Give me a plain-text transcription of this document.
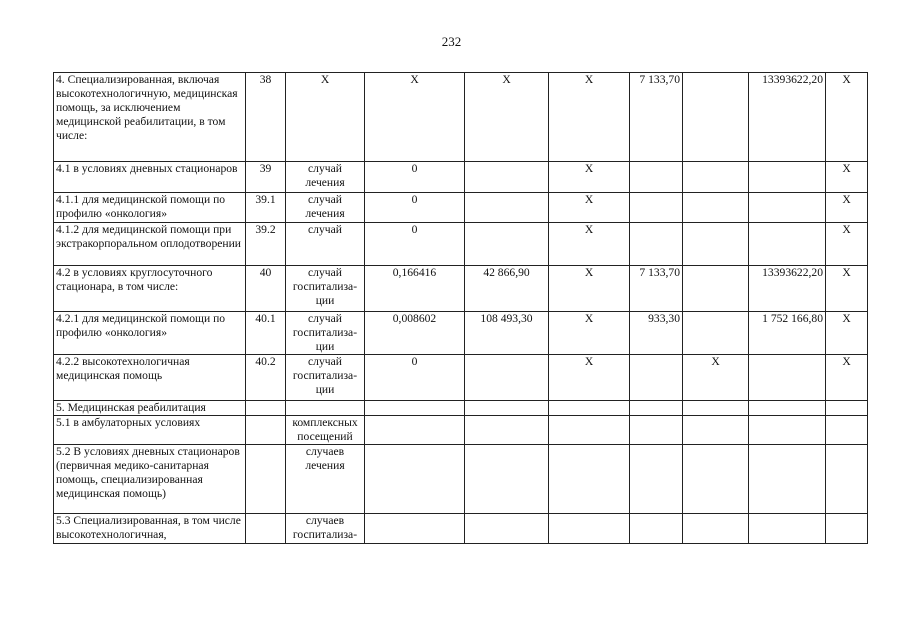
232
4. Специализированная, включая высокотехнологичную, медицинская помощь, за исключением медицинской реабилитации, в том числе:	38	X	X	X	X	7 133,70		13393622,20	X
4.1 в условиях дневных стационаров	39	случай лечения	0		X				X
4.1.1 для медицинской помощи по профилю «онкология»	39.1	случай лечения	0		X				X
4.1.2 для медицинской помощи при экстракорпоральном оплодотворении	39.2	случай	0		X				X
4.2 в условиях круглосуточного стационара, в том числе:	40	случай госпитализа-ции	0,166416	42 866,90	X	7 133,70		13393622,20	X
4.2.1 для медицинской помощи по профилю «онкология»	40.1	случай госпитализа-ции	0,008602	108 493,30	X	933,30		1 752 166,80	X
4.2.2 высокотехнологичная медицинская помощь	40.2	случай госпитализа-ции	0		X		X		X
5. Медицинская реабилитация									
5.1 в амбулаторных условиях		комплексных посещений							
5.2 В условиях дневных стационаров (первичная медико-санитарная помощь, специализированная медицинская помощь)		случаев лечения							
5.3 Специализированная, в том числе высокотехнологичная,		случаев госпитализа-							
